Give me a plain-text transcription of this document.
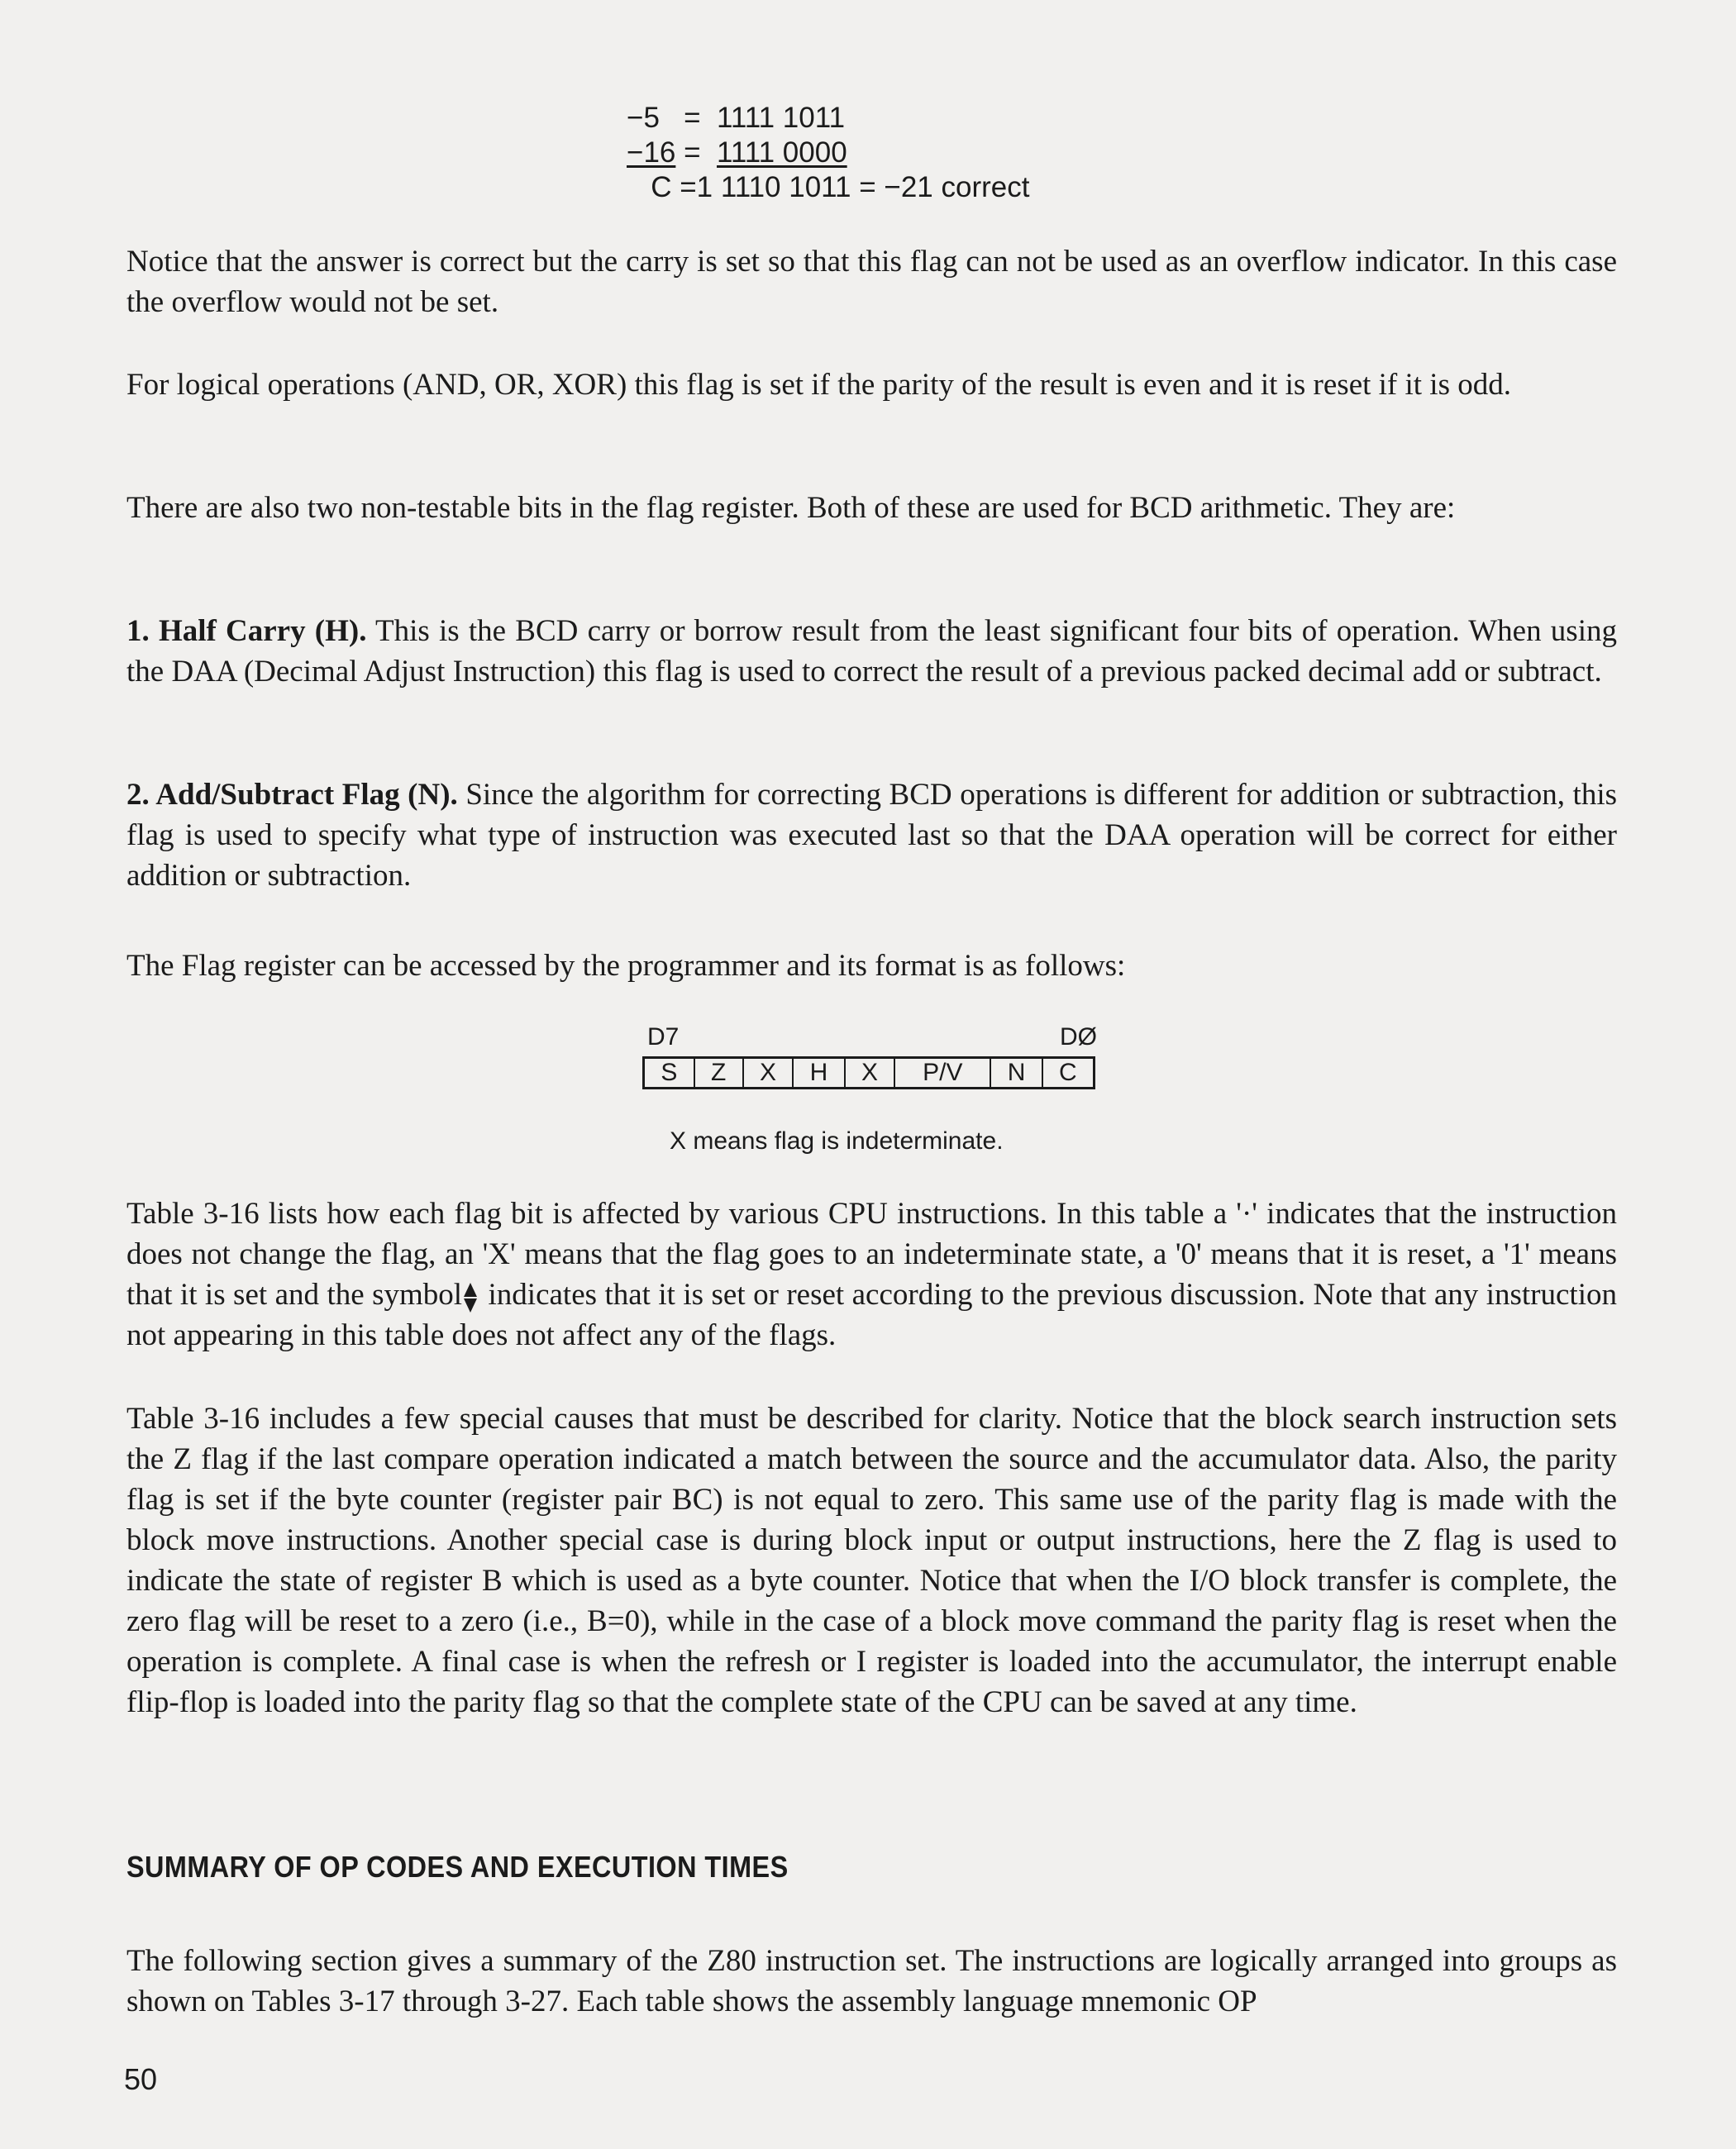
−5 = 1111 1011
−16 = 1111 0000
C =1 1110 1011 = −21 correct

Notice that the answer is correct but the carry is set so that this flag can not be used as an overflow indicator. In this case the overflow would not be set.

For logical operations (AND, OR, XOR) this flag is set if the parity of the result is even and it is reset if it is odd.

There are also two non-testable bits in the flag register. Both of these are used for BCD arithmetic. They are:

1. Half Carry (H). This is the BCD carry or borrow result from the least significant four bits of operation. When using the DAA (Decimal Adjust Instruction) this flag is used to correct the result of a previous packed decimal add or subtract.

2. Add/Subtract Flag (N). Since the algorithm for correcting BCD operations is different for addition or subtraction, this flag is used to specify what type of instruction was executed last so that the DAA operation will be correct for either addition or subtraction.

The Flag register can be accessed by the programmer and its format is as follows:

D7	DØ
S	Z	X	H	X	P/V	N	C
X means flag is indeterminate.

Table 3-16 lists how each flag bit is affected by various CPU instructions. In this table a '·' indicates that the instruction does not change the flag, an 'X' means that the flag goes to an indeterminate state, a '0' means that it is reset, a '1' means that it is set and the symbol indicates that it is set or reset according to the previous discussion. Note that any instruction not appearing in this table does not affect any of the flags.

Table 3-16 includes a few special causes that must be described for clarity. Notice that the block search instruction sets the Z flag if the last compare operation indicated a match between the source and the accumulator data. Also, the parity flag is set if the byte counter (register pair BC) is not equal to zero. This same use of the parity flag is made with the block move instructions. Another special case is during block input or output instructions, here the Z flag is used to indicate the state of register B which is used as a byte counter. Notice that when the I/O block transfer is complete, the zero flag will be reset to a zero (i.e., B=0), while in the case of a block move command the parity flag is reset when the operation is complete. A final case is when the refresh or I register is loaded into the accumulator, the interrupt enable flip-flop is loaded into the parity flag so that the complete state of the CPU can be saved at any time.

SUMMARY OF OP CODES AND EXECUTION TIMES

The following section gives a summary of the Z80 instruction set. The instructions are logically arranged into groups as shown on Tables 3-17 through 3-27. Each table shows the assembly language mnemonic OP

50
